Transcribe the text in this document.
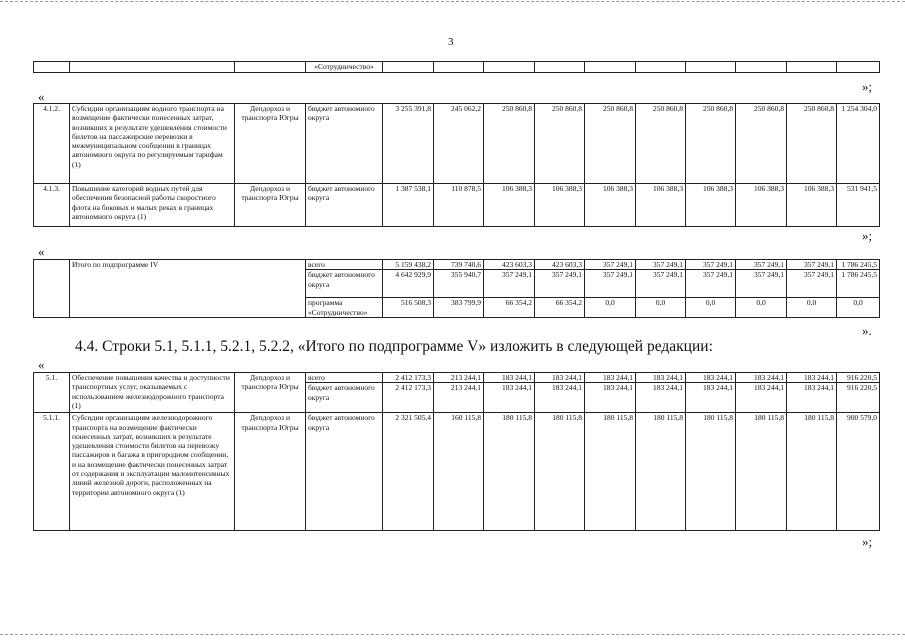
3
			«Сотрудничество»										
»;
«
4.1.2.	Субсидии организациям водного транспорта на возмещение фактически понесенных затрат, возникших в результате удешевления стоимости билетов на пассажирские перевозки в межмуниципальном сообщении в границах автономного округа по регулируемым тарифам (1)	Депдорхоз и транспорта Югры	бюджет автономного округа	3 255 391,8	245 062,2	250 860,8	250 860,8	250 860,8	250 860,8	250 860,8	250 860,8	250 860,8	1 254 304,0
4.1.3.	Повышение категорий водных путей для обеспечения безопасной работы скоростного флота на боковых и малых реках в границах автономного округа (1)	Депдорхоз и транспорта Югры	бюджет автономного округа	1 387 538,1	110 878,5	106 388,3	106 388,3	106 388,3	106 388,3	106 388,3	106 388,3	106 388,3	531 941,5
»;
«
	Итого по подпрограмме IV	всего	5 159 438,2	739 740,6	423 603,3	423 603,3	357 249,1	357 249,1	357 249,1	357 249,1	357 249,1	1 786 245,5
		бюджет автономного округа	4 642 929,9	355 940,7	357 249,1	357 249,1	357 249,1	357 249,1	357 249,1	357 249,1	357 249,1	1 786 245,5
		программа «Сотрудничество»	516 508,3	383 799,9	66 354,2	66 354,2	0,0	0,0	0,0	0,0	0,0	0,0
».
4.4. Строки 5.1, 5.1.1, 5.2.1, 5.2.2, «Итого по подпрограмме V» изложить в следующей редакции:
«
5.1.	Обеспечение повышения качества и доступности транспортных услуг, оказываемых с использованием железнодорожного транспорта (1)	Депдорхоз и транспорта Югры	всего	2 412 173,3	213 244,1	183 244,1	183 244,1	183 244,1	183 244,1	183 244,1	183 244,1	183 244,1	916 220,5
			бюджет автономного округа	2 412 173,3	213 244,1	183 244,1	183 244,1	183 244,1	183 244,1	183 244,1	183 244,1	183 244,1	916 220,5
5.1.1.	Субсидии организациям железнодорожного транспорта на возмещение фактически понесенных затрат, возникших в результате удешевления стоимости билетов на перевозку пассажиров и багажа в пригородном сообщении, и на возмещение фактически понесенных затрат от содержания и эксплуатации малоинтенсивных линий железной дороги, расположенных на территории автономного округа (1)	Депдорхоз и транспорта Югры	бюджет автономного округа	2 321 505,4	160 115,8	180 115,8	180 115,8	180 115,8	180 115,8	180 115,8	180 115,8	180 115,8	900 579,0
»;
